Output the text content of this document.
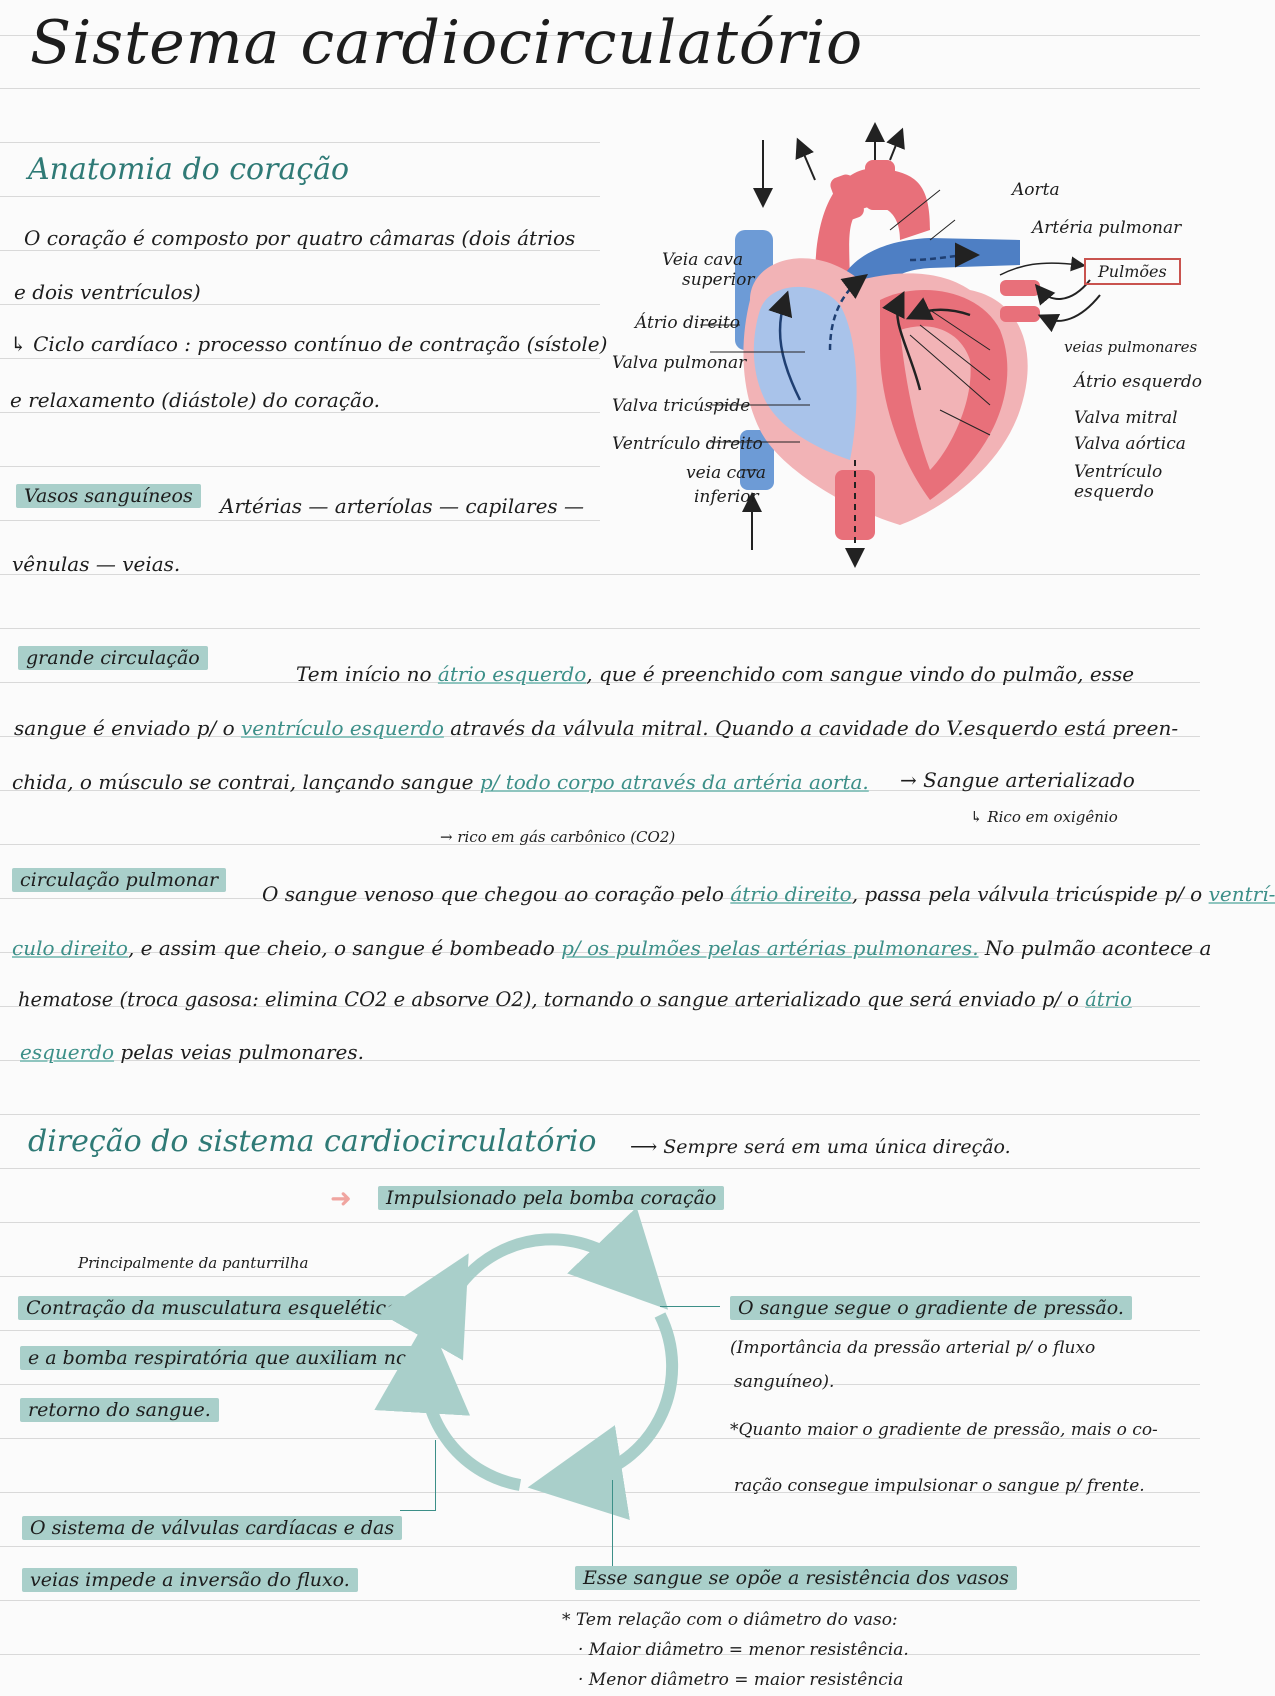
Sistema cardiocirculatório
Anatomia do coração
O coração é composto por quatro câmaras (dois átrios
e dois ventrículos)
↳ Ciclo cardíaco : processo contínuo de contração (sístole)
e relaxamento (diástole) do coração.
Vasos sanguíneos	Artérias — arteríolas — capilares —
vênulas — veias.
Veia cava
superior
Átrio direito
Valva pulmonar
Valva tricúspide
Ventrículo direito
veia cava
inferior
Aorta
Artéria pulmonar
Pulmões
veias pulmonares
Átrio esquerdo
Valva mitral
Valva aórtica
Ventrículo
esquerdo
grande circulação
Tem início no átrio esquerdo, que é preenchido com sangue vindo do pulmão, esse
sangue é enviado p/ o ventrículo esquerdo através da válvula mitral. Quando a cavidade do V.esquerdo está preen-
chida, o músculo se contrai, lançando sangue p/ todo corpo através da artéria aorta. → Sangue arterializado
↳ Rico em oxigênio
→ rico em gás carbônico (CO2)
circulação pulmonar
O sangue venoso que chegou ao coração pelo átrio direito, passa pela válvula tricúspide p/ o ventrí-
culo direito, e assim que cheio, o sangue é bombeado p/ os pulmões pelas artérias pulmonares. No pulmão acontece a
hematose (troca gasosa: elimina CO2 e absorve O2), tornando o sangue arterializado que será enviado p/ o átrio
esquerdo pelas veias pulmonares.
direção do sistema cardiocirculatório ⟶ Sempre será em uma única direção.
➜	Impulsionado pela bomba coração
Principalmente da panturrilha
Contração da musculatura esquelética
e a bomba respiratória que auxiliam no
retorno do sangue.
O sangue segue o gradiente de pressão.
(Importância da pressão arterial p/ o fluxo
sanguíneo).
*Quanto maior o gradiente de pressão, mais o co-
ração consegue impulsionar o sangue p/ frente.
O sistema de válvulas cardíacas e das
veias impede a inversão do fluxo.	Esse sangue se opõe a resistência dos vasos
* Tem relação com o diâmetro do vaso:
· Maior diâmetro = menor resistência.
· Menor diâmetro = maior resistência
